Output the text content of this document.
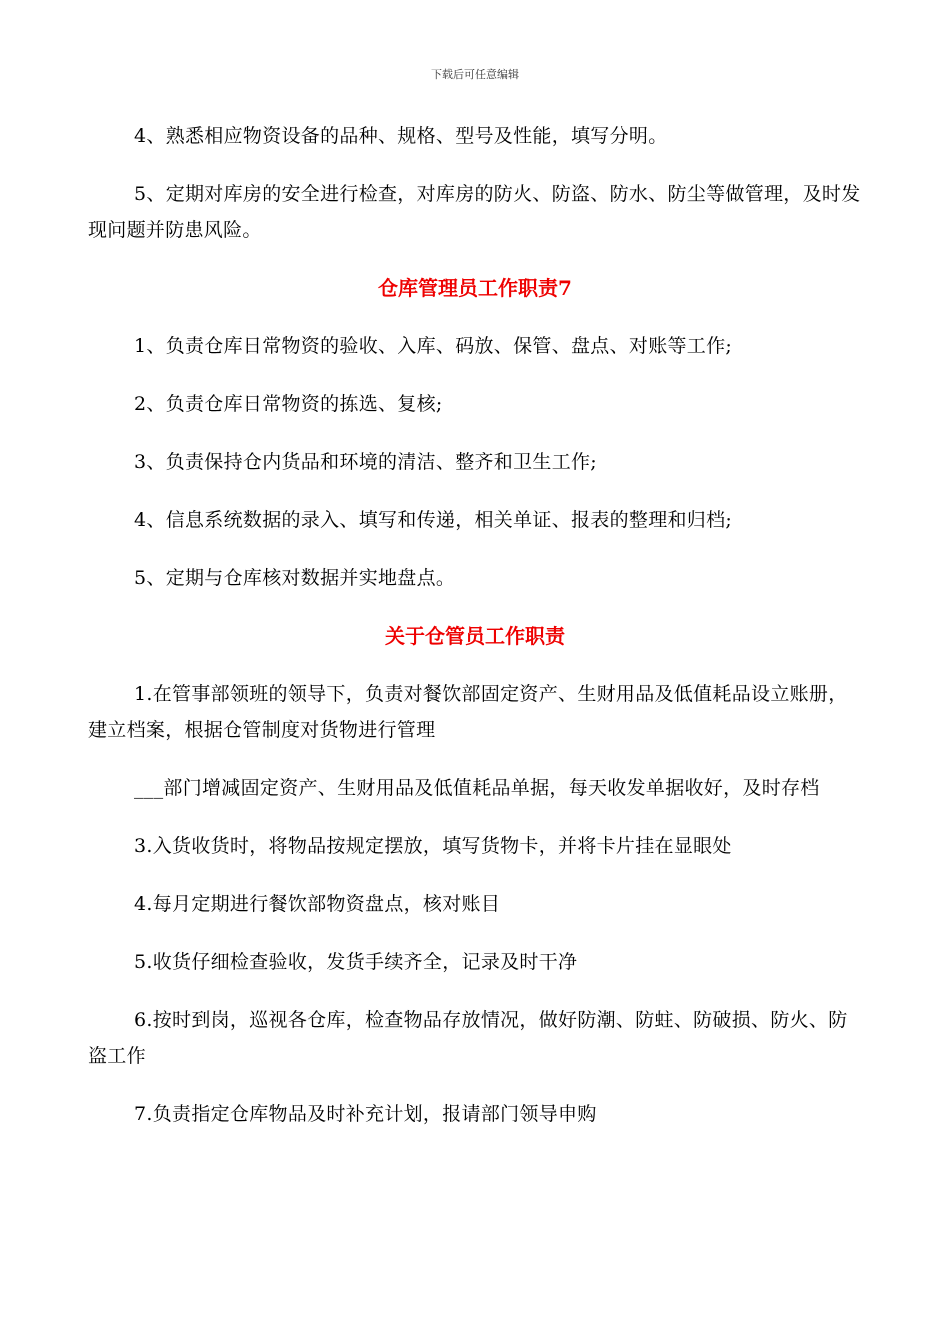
下载后可任意编辑

4、熟悉相应物资设备的品种、规格、型号及性能，填写分明。

5、定期对库房的安全进行检查，对库房的防火、防盗、防水、防尘等做管理，及时发现问题并防患风险。

仓库管理员工作职责7

1、负责仓库日常物资的验收、入库、码放、保管、盘点、对账等工作;

2、负责仓库日常物资的拣选、复核;

3、负责保持仓内货品和环境的清洁、整齐和卫生工作;

4、信息系统数据的录入、填写和传递，相关单证、报表的整理和归档;

5、定期与仓库核对数据并实地盘点。

关于仓管员工作职责

1.在管事部领班的领导下，负责对餐饮部固定资产、生财用品及低值耗品设立账册，建立档案，根据仓管制度对货物进行管理

___部门增减固定资产、生财用品及低值耗品单据，每天收发单据收好，及时存档

3.入货收货时，将物品按规定摆放，填写货物卡，并将卡片挂在显眼处

4.每月定期进行餐饮部物资盘点，核对账目

5.收货仔细检查验收，发货手续齐全，记录及时干净

6.按时到岗，巡视各仓库，检查物品存放情况，做好防潮、防蛀、防破损、防火、防盗工作

7.负责指定仓库物品及时补充计划，报请部门领导申购
